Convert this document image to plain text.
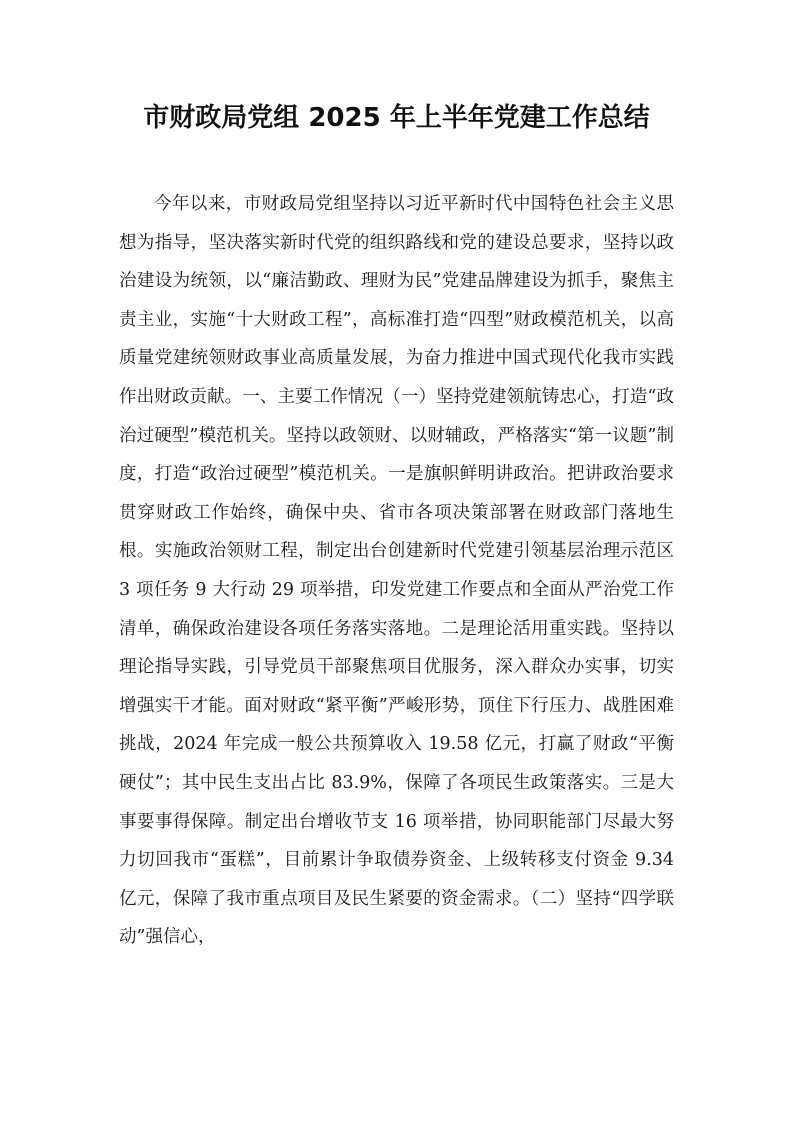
市财政局党组 2025 年上半年党建工作总结

今年以来，市财政局党组坚持以习近平新时代中国特色社会主义思想为指导，坚决落实新时代党的组织路线和党的建设总要求，坚持以政治建设为统领，以“廉洁勤政、理财为民”党建品牌建设为抓手，聚焦主责主业，实施“十大财政工程”，高标准打造“四型”财政模范机关，以高质量党建统领财政事业高质量发展，为奋力推进中国式现代化我市实践作出财政贡献。一、主要工作情况（一）坚持党建领航铸忠心，打造“政治过硬型”模范机关。坚持以政领财、以财辅政，严格落实“第一议题”制度，打造“政治过硬型”模范机关。一是旗帜鲜明讲政治。把讲政治要求贯穿财政工作始终，确保中央、省市各项决策部署在财政部门落地生根。实施政治领财工程，制定出台创建新时代党建引领基层治理示范区 3 项任务 9 大行动 29 项举措，印发党建工作要点和全面从严治党工作清单，确保政治建设各项任务落实落地。二是理论活用重实践。坚持以理论指导实践，引导党员干部聚焦项目优服务，深入群众办实事，切实增强实干才能。面对财政“紧平衡”严峻形势，顶住下行压力、战胜困难挑战，2024 年完成一般公共预算收入 19.58 亿元，打赢了财政“平衡硬仗”；其中民生支出占比 83.9%，保障了各项民生政策落实。三是大事要事得保障。制定出台增收节支 16 项举措，协同职能部门尽最大努力切回我市“蛋糕”，目前累计争取债券资金、上级转移支付资金 9.34 亿元，保障了我市重点项目及民生紧要的资金需求。（二）坚持“四学联动”强信心，
